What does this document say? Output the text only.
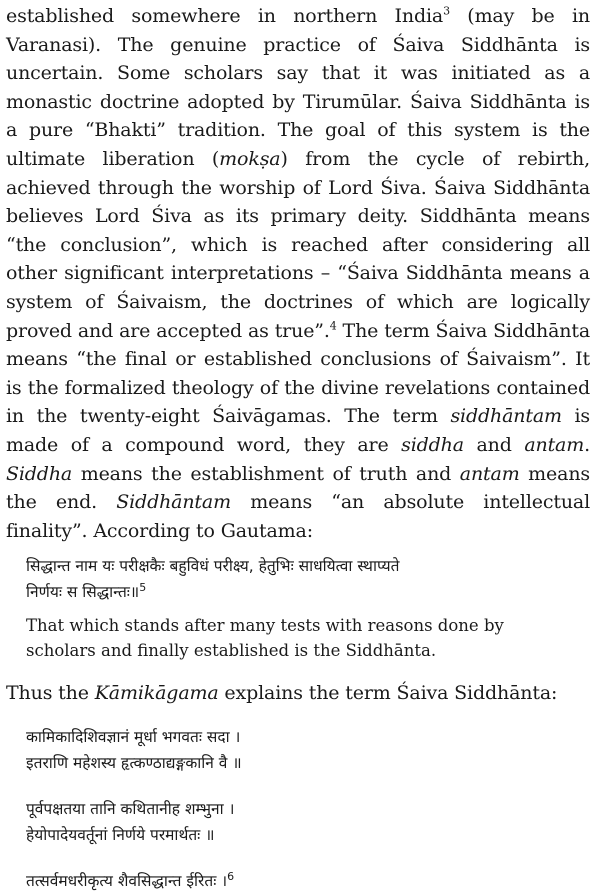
established somewhere in northern India$^3$ (may be in Varanasi). The genuine practice of Śaiva Siddhānta is uncertain. Some scholars say that it was initiated as a monastic doctrine adopted by Tirumūlar. Śaiva Siddhānta is a pure “Bhakti” tradition. The goal of this system is the ultimate liberation (mokṣa) from the cycle of rebirth, achieved through the worship of Lord Śiva. Śaiva Siddhānta believes Lord Śiva as its primary deity. Siddhānta means “the conclusion”, which is reached after considering all other significant interpretations – “Śaiva Siddhānta means a system of Śaivaism, the doctrines of which are logically proved and are accepted as true”.$^4$ The term Śaiva Siddhānta means “the final or established conclusions of Śaivaism”. It is the formalized theology of the divine revelations contained in the twenty-eight Śaivāgamas. The term siddhāntam is made of a compound word, they are siddha and antam. Siddha means the establishment of truth and antam means the end. Siddhāntam means “an absolute intellectual finality”. According to Gautama:

सिद्धान्त नाम यः परीक्षकैः बहुविधं परीक्ष्य, हेतुभिः साधयित्वा स्थाप्यते

निर्णयः स सिद्धान्तः॥$^5$

That which stands after many tests with reasons done by scholars and finally established is the Siddhānta.

Thus the Kāmikāgama explains the term Śaiva Siddhānta:

कामिकादिशिवज्ञानं मूर्धा भगवतः सदा ।

इतराणि महेशस्य हृत्कण्ठाद्यङ्गकानि वै ॥

पूर्वपक्षतया तानि कथितानीह शम्भुना ।

हेयोपादेयवर्तूनां निर्णये परमार्थतः ॥

तत्सर्वमधरीकृत्य शैवसिद्धान्त ईरितः ।$^6$
